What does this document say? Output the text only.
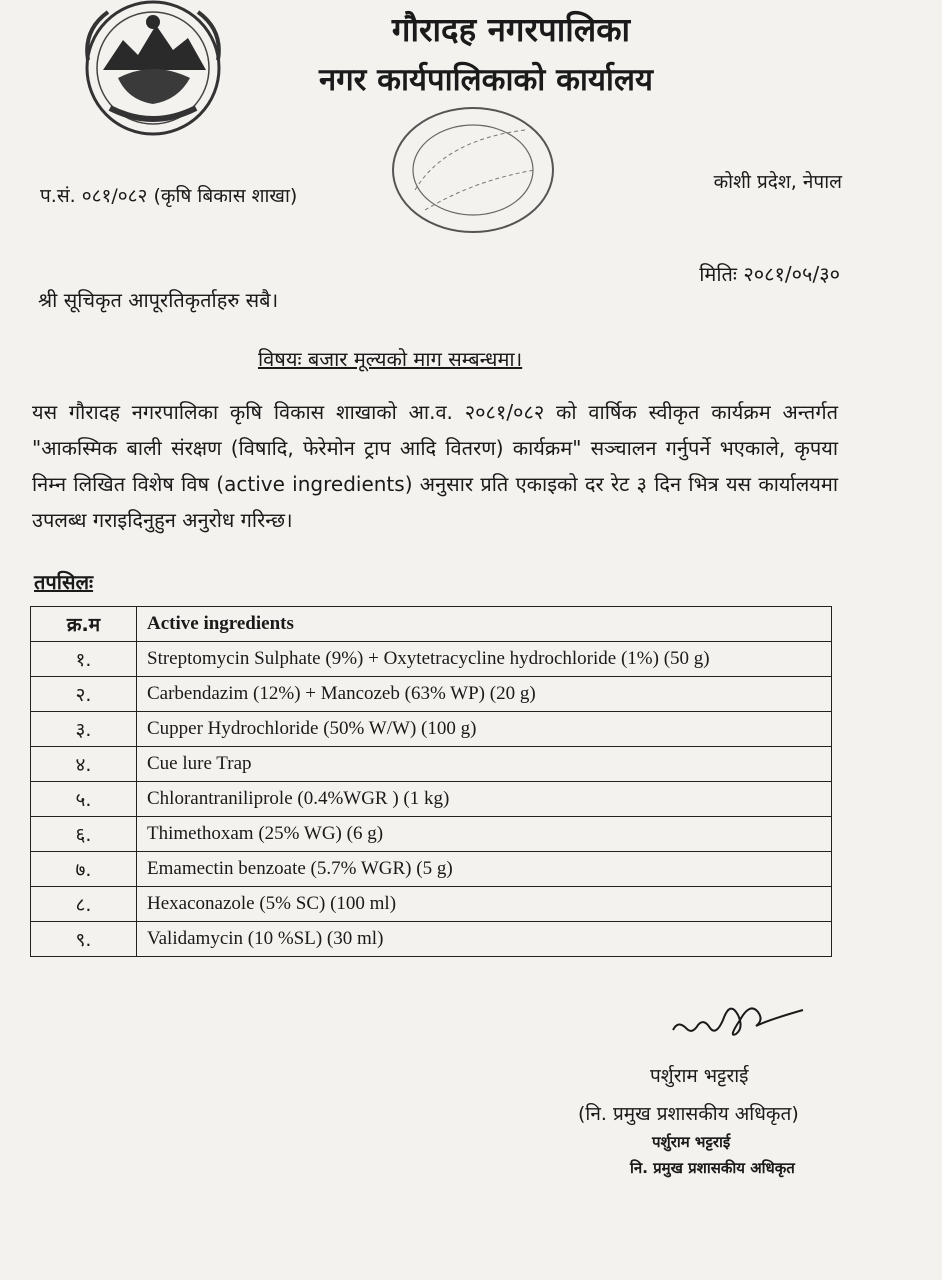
गौरादह नगरपालिका
नगर कार्यपालिकाको कार्यालय
प.सं. ०८१/०८२ (कृषि बिकास शाखा)
कोशी प्रदेश, नेपाल
मितिः २०८१/०५/३०
श्री सूचिकृत आपूरतिकृर्ताहरु सबै।
विषयः बजार मूल्यको माग सम्बन्धमा।
यस गौरादह नगरपालिका कृषि विकास शाखाको आ.व. २०८१/०८२ को वार्षिक स्वीकृत कार्यक्रम अन्तर्गत "आकस्मिक बाली संरक्षण (विषादि, फेरेमोन ट्राप आदि वितरण) कार्यक्रम" सञ्चालन गर्नुपर्ने भएकाले, कृपया निम्न लिखित विशेष विष (active ingredients) अनुसार प्रति एकाइको दर रेट ३ दिन भित्र यस कार्यालयमा उपलब्ध गराइदिनुहुन अनुरोध गरिन्छ।
तपसिलः
क्र.म	Active ingredients
१.	Streptomycin Sulphate (9%) + Oxytetracycline hydrochloride (1%) (50 g)
२.	Carbendazim (12%) + Mancozeb (63% WP) (20 g)
३.	Cupper Hydrochloride (50% W/W) (100 g)
४.	Cue lure Trap
५.	Chlorantraniliprole (0.4%WGR ) (1 kg)
६.	Thimethoxam (25% WG) (6 g)
७.	Emamectin benzoate (5.7% WGR) (5 g)
८.	Hexaconazole (5% SC) (100 ml)
९.	Validamycin (10 %SL) (30 ml)
पर्शुराम भट्टराई
(नि. प्रमुख प्रशासकीय अधिकृत)
पर्शुराम भट्टराई
नि. प्रमुख प्रशासकीय अधिकृत
